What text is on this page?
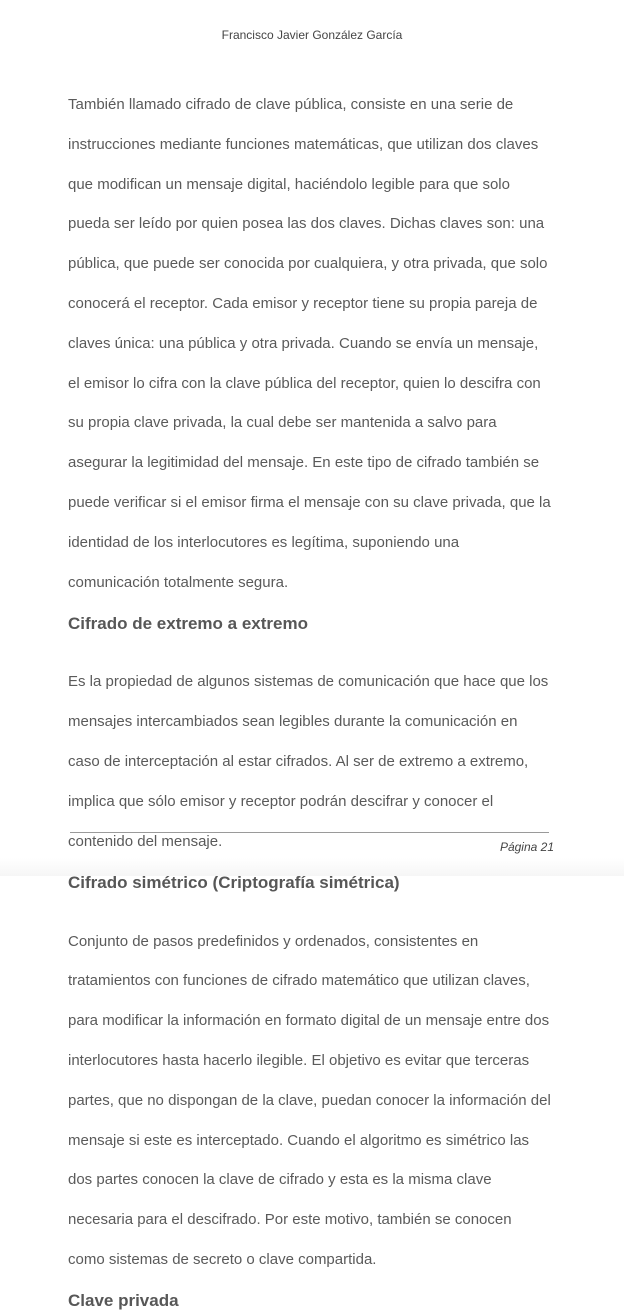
Francisco Javier González García

También llamado cifrado de clave pública, consiste en una serie de

instrucciones mediante funciones matemáticas, que utilizan dos claves

que modifican un mensaje digital, haciéndolo legible para que solo

pueda ser leído por quien posea las dos claves. Dichas claves son: una

pública, que puede ser conocida por cualquiera, y otra privada, que solo

conocerá el receptor. Cada emisor y receptor tiene su propia pareja de

claves única: una pública y otra privada. Cuando se envía un mensaje,

el emisor lo cifra con la clave pública del receptor, quien lo descifra con

su propia clave privada, la cual debe ser mantenida a salvo para

asegurar la legitimidad del mensaje. En este tipo de cifrado también se

puede verificar si el emisor firma el mensaje con su clave privada, que la

identidad de los interlocutores es legítima, suponiendo una

comunicación totalmente segura.

Cifrado de extremo a extremo

Es la propiedad de algunos sistemas de comunicación que hace que los

mensajes intercambiados sean legibles durante la comunicación en

caso de interceptación al estar cifrados. Al ser de extremo a extremo,

implica que sólo emisor y receptor podrán descifrar y conocer el

contenido del mensaje.

Cifrado simétrico (Criptografía simétrica)

Conjunto de pasos predefinidos y ordenados, consistentes en

tratamientos con funciones de cifrado matemático que utilizan claves,

para modificar la información en formato digital de un mensaje entre dos

interlocutores hasta hacerlo ilegible. El objetivo es evitar que terceras

partes, que no dispongan de la clave, puedan conocer la información del

mensaje si este es interceptado. Cuando el algoritmo es simétrico las

dos partes conocen la clave de cifrado y esta es la misma clave

necesaria para el descifrado. Por este motivo, también se conocen

como sistemas de secreto o clave compartida.

Clave privada
Página 21
